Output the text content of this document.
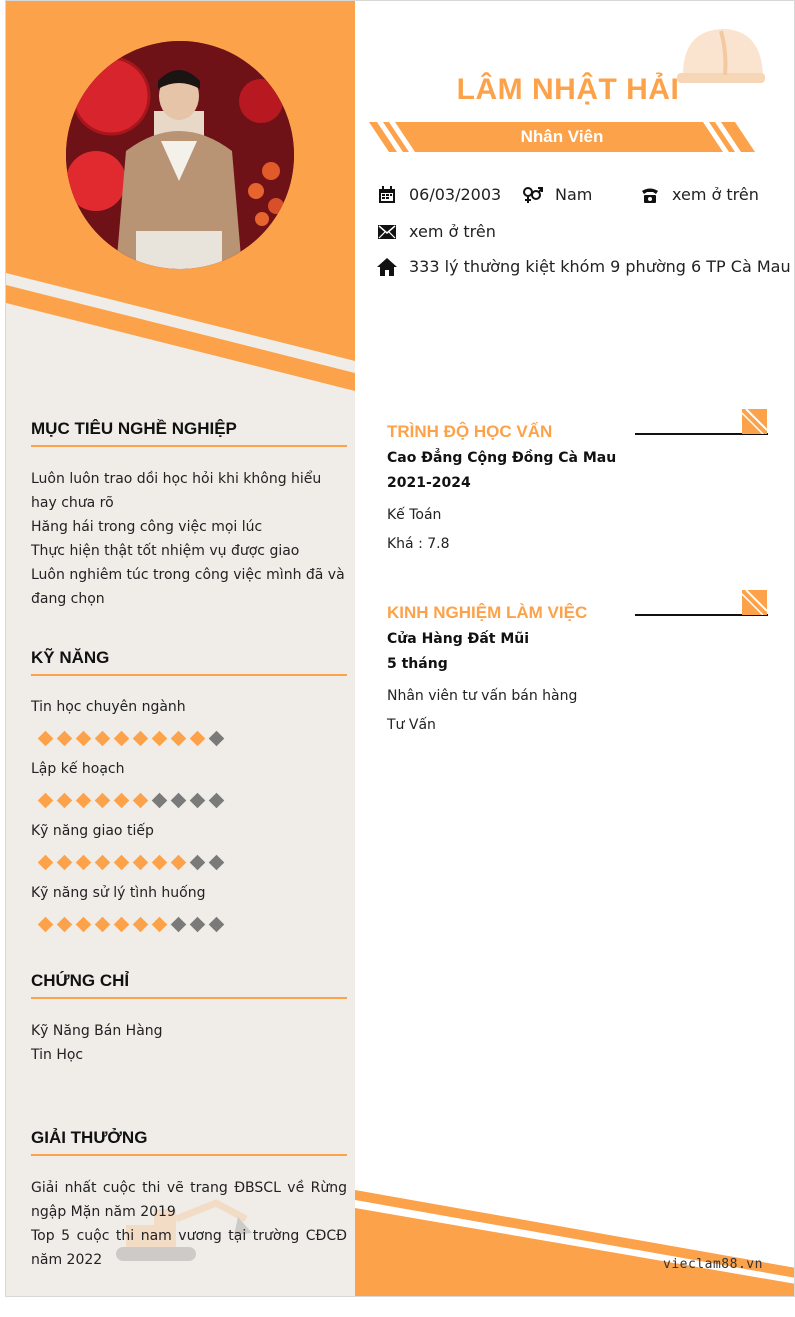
MỤC TIÊU NGHỀ NGHIỆP

Luôn luôn trao dồi học hỏi khi không hiểu hay chưa rõ

Hăng hái trong công việc mọi lúc

Thực hiện thật tốt nhiệm vụ được giao

Luôn nghiêm túc trong công việc mình đã và đang chọn

KỸ NĂNG
Tin học chuyên ngành
Lập kế hoạch
Kỹ năng giao tiếp
Kỹ năng sử lý tình huống
CHỨNG CHỈ

Kỹ Năng Bán Hàng

Tin Học

GIẢI THƯỞNG

Giải nhất cuộc thi vẽ trang ĐBSCL về Rừng ngập Mặn năm 2019

Top 5 cuộc thi nam vương tại trường CĐCĐ năm 2022

LÂM NHẬT HẢI
Nhân Viên
06/03/2003	Nam	xem ở trên
xem ở trên
333 lý thường kiệt khóm 9 phường 6 TP Cà Mau
TRÌNH ĐỘ HỌC VẤN
Cao Đẳng Cộng Đồng Cà Mau
2021-2024
Kế Toán
Khá : 7.8
KINH NGHIỆM LÀM VIỆC
Cửa Hàng Đất Mũi
5 tháng
Nhân viên tư vấn bán hàng
Tư Vấn
vieclam88.vn
